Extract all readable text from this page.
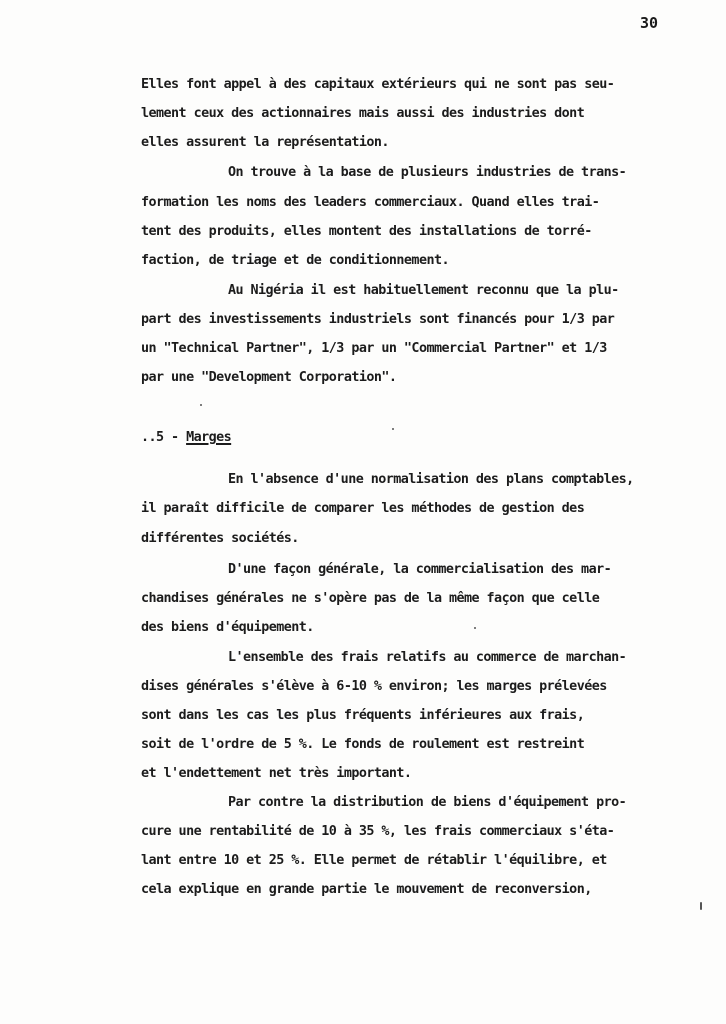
30
Elles font appel à des capitaux extérieurs qui ne sont pas seu-
lement ceux des actionnaires mais aussi des industries dont
elles assurent la représentation.
On trouve à la base de plusieurs industries de trans-
formation les noms des leaders commerciaux. Quand elles trai-
tent des produits, elles montent des installations de torré-
faction, de triage et de conditionnement.
Au Nigéria il est habituellement reconnu que la plu-
part des investissements industriels sont financés pour 1/3 par
un "Technical Partner", 1/3 par un "Commercial Partner" et 1/3
par une "Development Corporation".
..5 - Marges
En l'absence d'une normalisation des plans comptables,
il paraît difficile de comparer les méthodes de gestion des
différentes sociétés.
D'une façon générale, la commercialisation des mar-
chandises générales ne s'opère pas de la même façon que celle
des biens d'équipement.
L'ensemble des frais relatifs au commerce de marchan-
dises générales s'élève à 6-10 % environ; les marges prélevées
sont dans les cas les plus fréquents inférieures aux frais,
soit de l'ordre de 5 %. Le fonds de roulement est restreint
et l'endettement net très important.
Par contre la distribution de biens d'équipement pro-
cure une rentabilité de 10 à 35 %, les frais commerciaux s'éta-
lant entre 10 et 25 %. Elle permet de rétablir l'équilibre, et
cela explique en grande partie le mouvement de reconversion,
